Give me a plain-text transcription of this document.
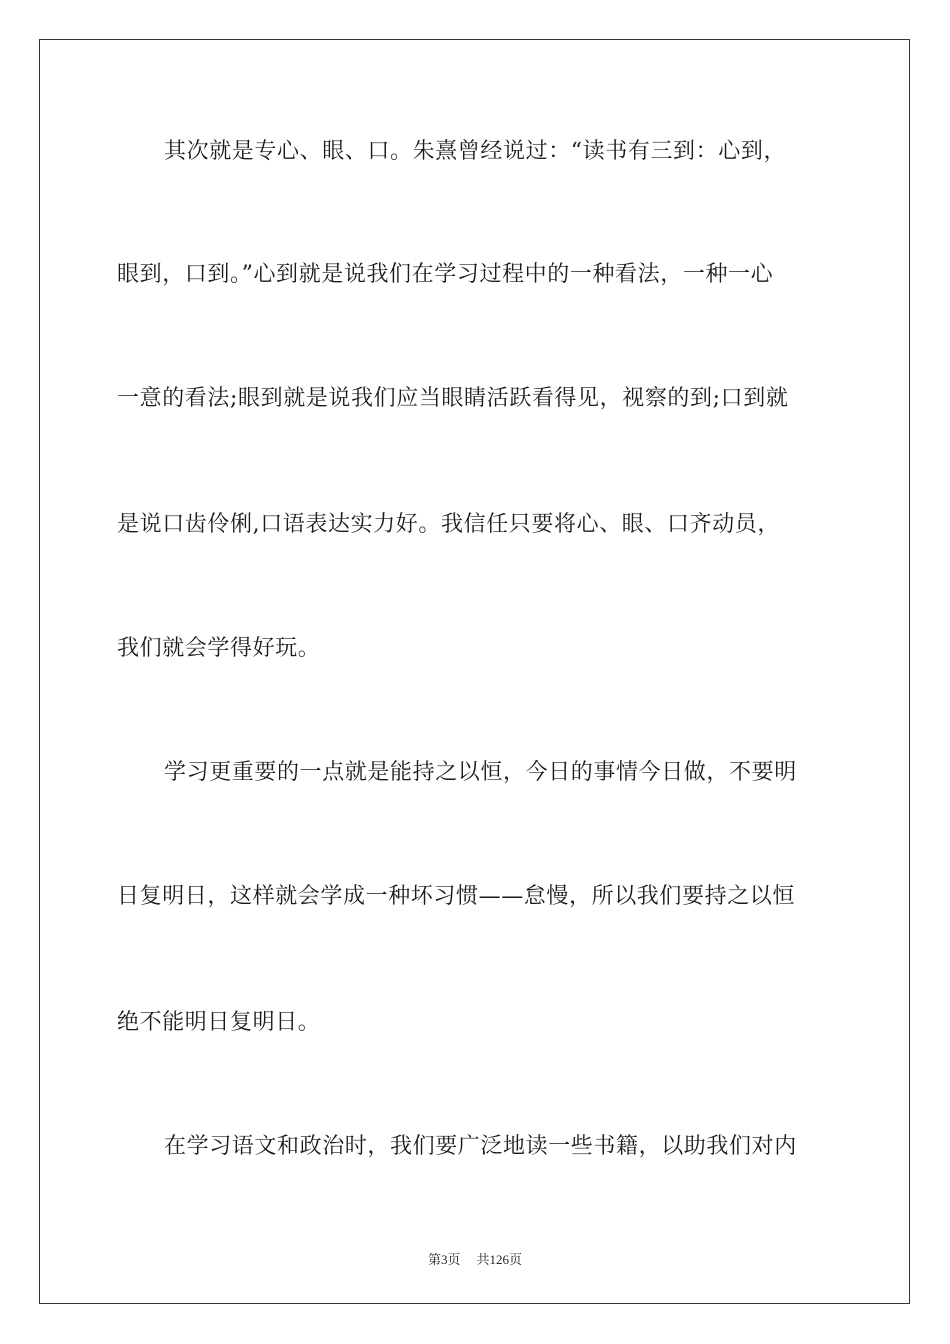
其次就是专心、眼、口。朱熹曾经说过：“读书有三到：心到，
眼到，口到。”心到就是说我们在学习过程中的一种看法，一种一心
一意的看法;眼到就是说我们应当眼睛活跃看得见，视察的到;口到就
是说口齿伶俐,口语表达实力好。我信任只要将心、眼、口齐动员，
我们就会学得好玩。
学习更重要的一点就是能持之以恒，今日的事情今日做，不要明
日复明日，这样就会学成一种坏习惯——怠慢，所以我们要持之以恒
绝不能明日复明日。
在学习语文和政治时，我们要广泛地读一些书籍，以助我们对内
第3页 共126页
